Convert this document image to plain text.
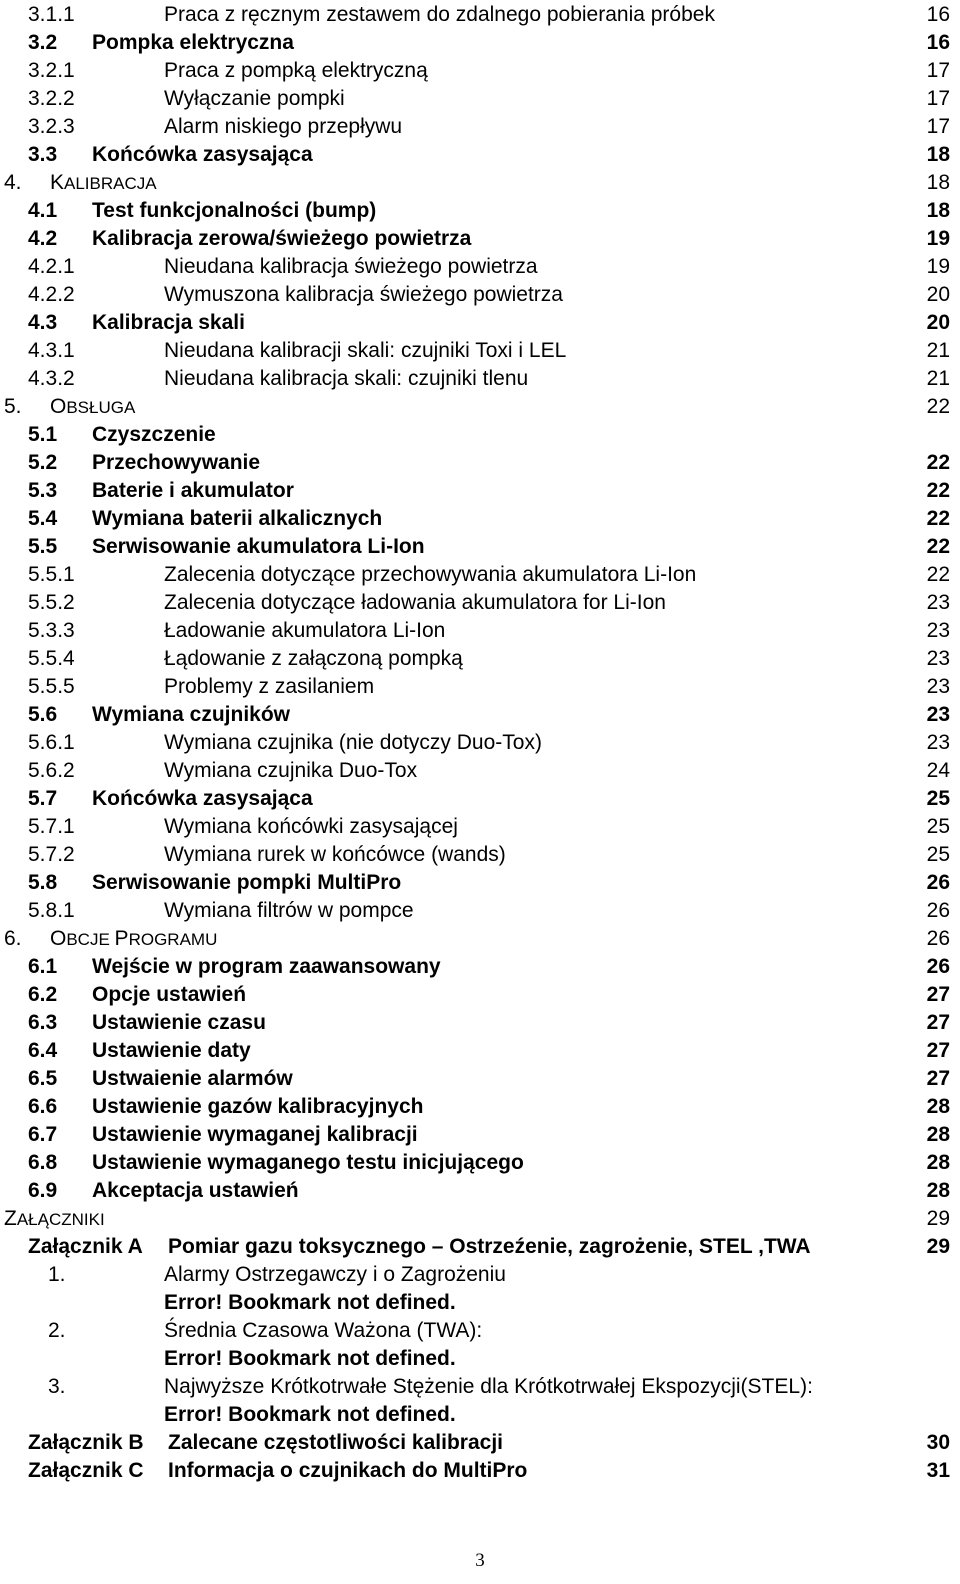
3.1.1	Praca z ręcznym zestawem do zdalnego pobierania próbek	16
3.2 Pompka elektryczna	16
3.2.1	Praca z pompką elektryczną	17
3.2.2	Wyłączanie pompki	17
3.2.3	Alarm niskiego przepływu	17
3.3 Końcówka zasysająca	18
4. KALIBRACJA	18
4.1 Test funkcjonalności (bump)	18
4.2 Kalibracja zerowa/świeżego powietrza	19
4.2.1	Nieudana kalibracja świeżego powietrza	19
4.2.2	Wymuszona kalibracja świeżego powietrza	20
4.3 Kalibracja skali	20
4.3.1	Nieudana kalibracji skali: czujniki Toxi i LEL	21
4.3.2	Nieudana kalibracja skali: czujniki tlenu	21
5. OBSŁUGA	22
5.1 Czyszczenie
5.2 Przechowywanie	22
5.3 Baterie i akumulator	22
5.4 Wymiana baterii alkalicznych	22
5.5 Serwisowanie akumulatora Li-Ion	22
5.5.1	Zalecenia dotyczące przechowywania akumulatora Li-Ion	22
5.5.2	Zalecenia dotyczące ładowania akumulatora for Li-Ion	23
5.3.3	Ładowanie akumulatora Li-Ion	23
5.5.4	Łądowanie z załączoną pompką	23
5.5.5	Problemy z zasilaniem	23
5.6 Wymiana czujników	23
5.6.1	Wymiana czujnika (nie dotyczy Duo-Tox)	23
5.6.2	Wymiana czujnika Duo-Tox	24
5.7 Końcówka zasysająca	25
5.7.1	Wymiana końcówki zasysającej	25
5.7.2	Wymiana rurek w końcówce (wands)	25
5.8 Serwisowanie pompki MultiPro	26
5.8.1	Wymiana filtrów w pompce	26
6. OBCJE PROGRAMU	26
6.1 Wejście w program zaawansowany	26
6.2 Opcje ustawień	27
6.3 Ustawienie czasu	27
6.4 Ustawienie daty	27
6.5 Ustwaienie alarmów	27
6.6 Ustawienie gazów kalibracyjnych	28
6.7 Ustawienie wymaganej kalibracji	28
6.8 Ustawienie wymaganego testu inicjującego	28
6.9 Akceptacja ustawień	28
ZAŁĄCZNIKI	29
Załącznik A Pomiar gazu toksycznego – Ostrzeźenie, zagrożenie, STEL ,TWA	29
1.	Alarmy Ostrzegawczy i o Zagrożeniu
Error! Bookmark not defined.
2.	Średnia Czasowa Ważona (TWA):
Error! Bookmark not defined.
3.	Najwyższe Krótkotrwałe Stężenie dla Krótkotrwałej Ekspozycji(STEL):
Error! Bookmark not defined.
Załącznik B Zalecane częstotliwości kalibracji	30
Załącznik C Informacja o czujnikach do MultiPro	31
3
